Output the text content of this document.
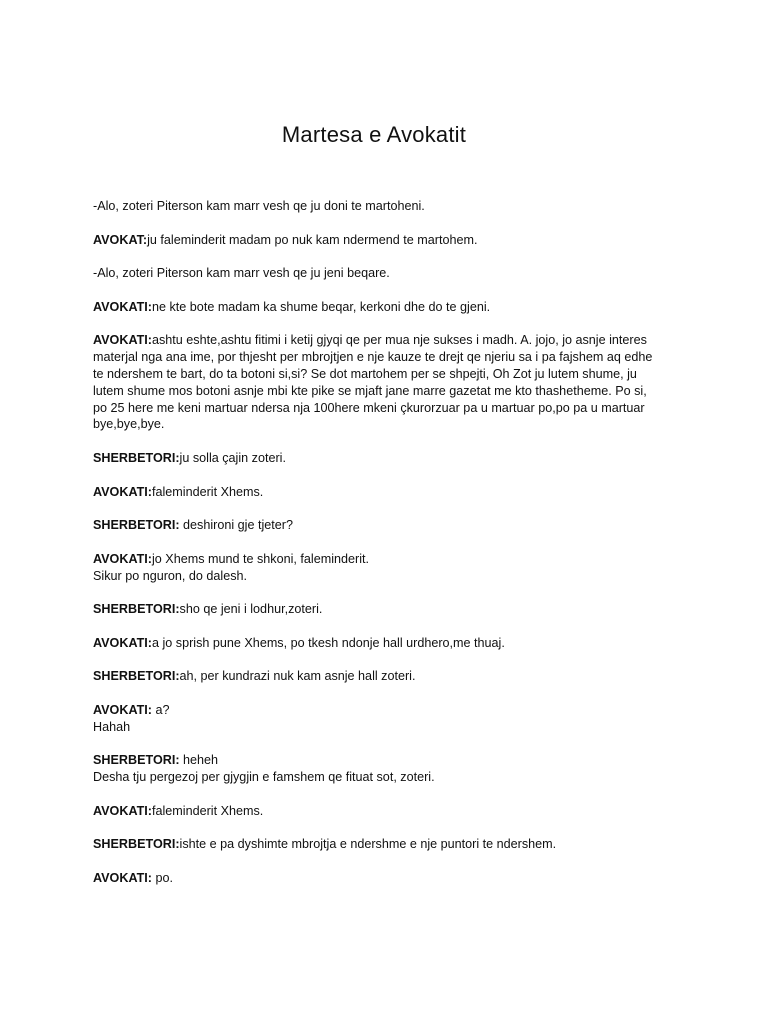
Martesa e Avokatit
-Alo, zoteri Piterson kam marr vesh qe ju doni te martoheni.
AVOKAT:ju faleminderit madam po nuk kam ndermend te martohem.
-Alo, zoteri Piterson kam marr vesh qe ju jeni beqare.
AVOKATI:ne kte bote madam ka shume beqar, kerkoni dhe do te gjeni.
AVOKATI:ashtu eshte,ashtu fitimi i ketij gjyqi qe per mua nje sukses i madh. A. jojo, jo asnje interes
materjal nga ana ime, por thjesht per mbrojtjen e nje kauze te drejt qe njeriu sa i pa fajshem aq edhe
te ndershem te bart, do ta botoni si,si? Se dot martohem per se shpejti, Oh Zot ju lutem shume, ju
lutem shume mos botoni asnje mbi kte pike se mjaft jane marre gazetat me kto thashetheme. Po si,
po 25 here me keni martuar ndersa nja 100here mkeni çkurorzuar pa u martuar po,po pa u martuar
bye,bye,bye.
SHERBETORI:ju solla çajin zoteri.
AVOKATI:faleminderit Xhems.
SHERBETORI: deshironi gje tjeter?
AVOKATI:jo Xhems mund te shkoni, faleminderit.
Sikur po nguron, do dalesh.
SHERBETORI:sho qe jeni i lodhur,zoteri.
AVOKATI:a jo sprish pune Xhems, po tkesh ndonje hall urdhero,me thuaj.
SHERBETORI:ah, per kundrazi nuk kam asnje hall zoteri.
AVOKATI: a?
Hahah
SHERBETORI: heheh
Desha tju pergezoj per gjygjin e famshem qe fituat sot, zoteri.
AVOKATI:faleminderit Xhems.
SHERBETORI:ishte e pa dyshimte mbrojtja e ndershme e nje puntori te ndershem.
AVOKATI: po.
